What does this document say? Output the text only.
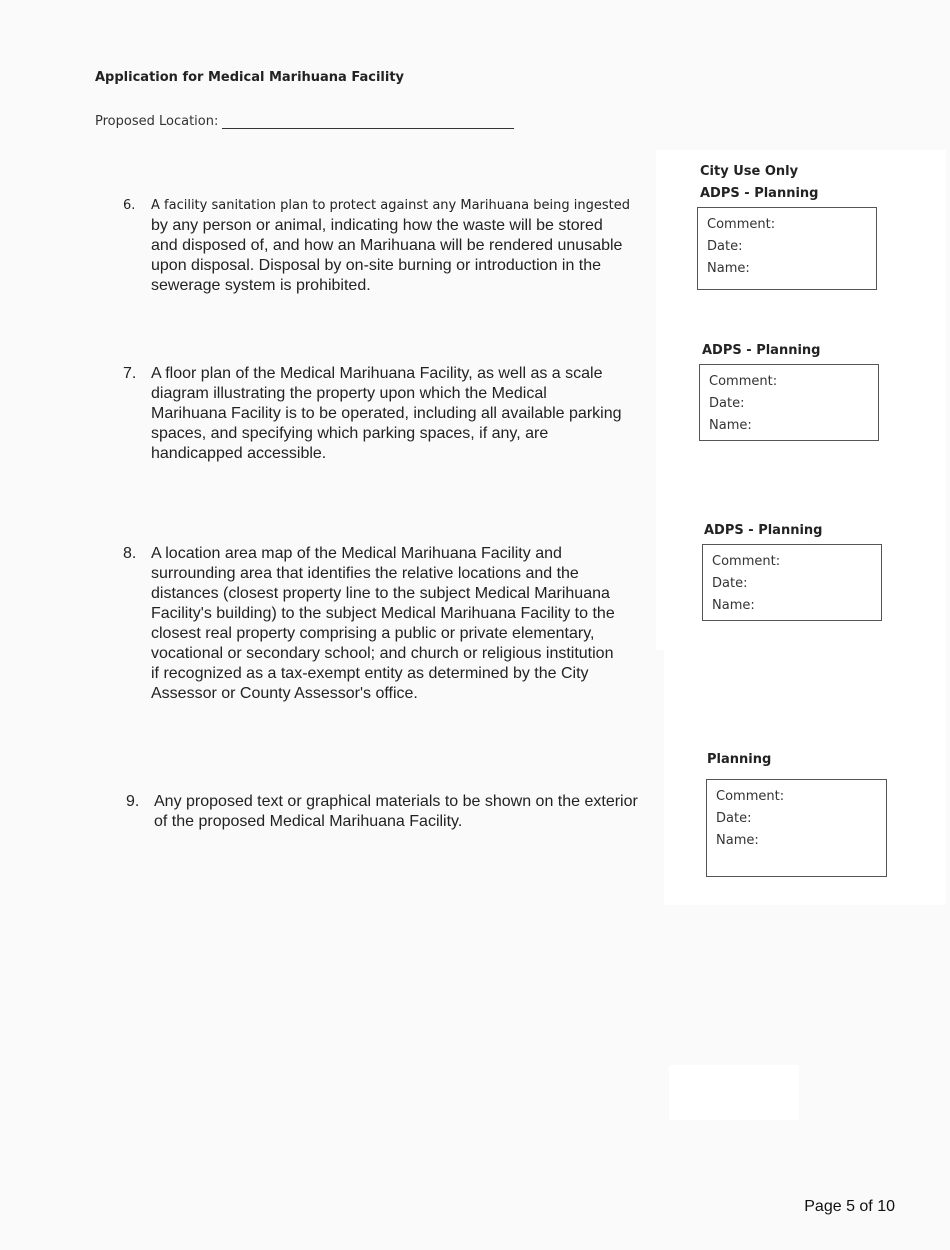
Application for Medical Marihuana Facility
Proposed Location:
6. A facility sanitation plan to protect against any Marihuana being ingested

by any person or animal, indicating how the waste will be stored

and disposed of, and how an Marihuana will be rendered unusable

upon disposal. Disposal by on-site burning or introduction in the

sewerage system is prohibited.

7. A floor plan of the Medical Marihuana Facility, as well as a scale

diagram illustrating the property upon which the Medical

Marihuana Facility is to be operated, including all available parking

spaces, and specifying which parking spaces, if any, are

handicapped accessible.

8. A location area map of the Medical Marihuana Facility and

surrounding area that identifies the relative locations and the

distances (closest property line to the subject Medical Marihuana

Facility's building) to the subject Medical Marihuana Facility to the

closest real property comprising a public or private elementary,

vocational or secondary school; and church or religious institution

if recognized as a tax-exempt entity as determined by the City

Assessor or County Assessor's office.

9. Any proposed text or graphical materials to be shown on the exterior

of the proposed Medical Marihuana Facility.

City Use Only
ADPS - Planning
Comment:
Date:
Name:
ADPS - Planning
Comment:
Date:
Name:
ADPS - Planning
Comment:
Date:
Name:
Planning
Comment:
Date:
Name:
Page 5 of 10
